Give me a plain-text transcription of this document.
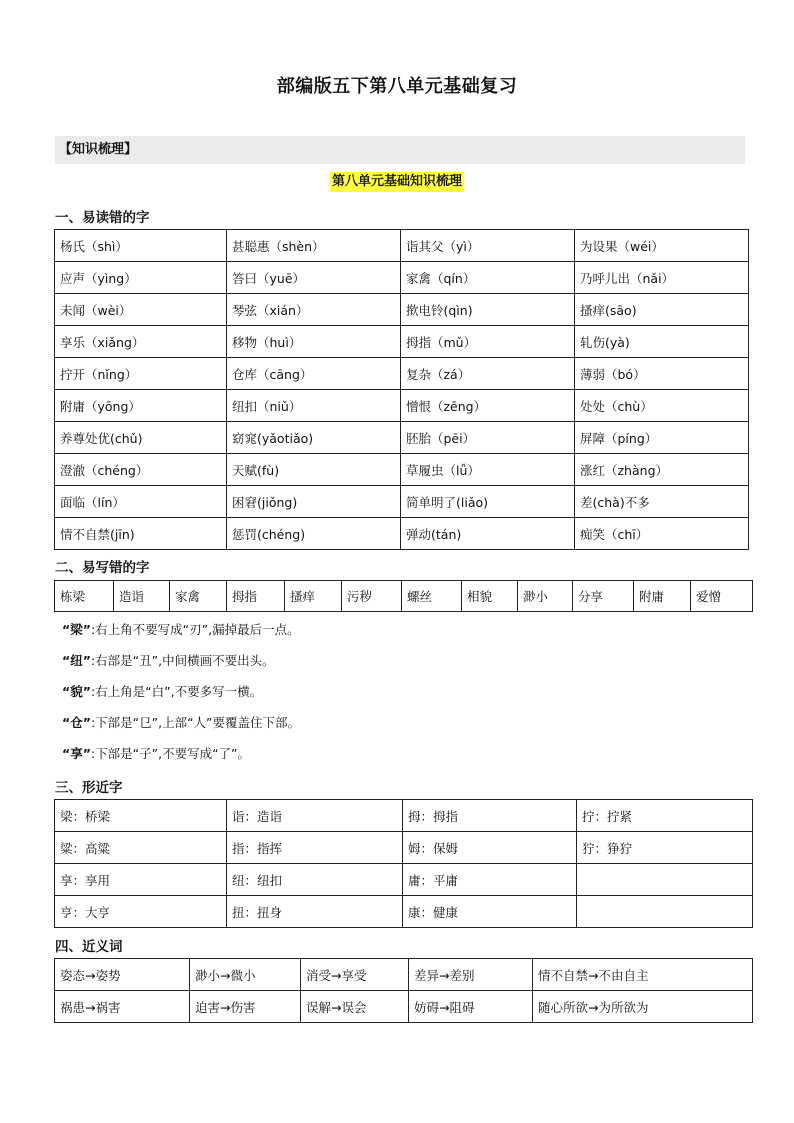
部编版五下第八单元基础复习
【知识梳理】
第八单元基础知识梳理
一、易读错的字
杨氏（shì）	甚聪惠（shèn）	诣其父（yì）	为设果（wéi）
应声（yìng）	答曰（yuē）	家禽（qín）	乃呼儿出（nǎi）
未闻（wèi）	琴弦（xián）	揿电铃(qìn)	搔痒(sāo)
享乐（xiǎng）	移物（huì）	拇指（mǔ）	轧伤(yà)
拧开（nǐng）	仓库（cāng）	复杂（zá）	薄弱（bó）
附庸（yōng）	纽扣（niǔ）	憎恨（zēng）	处处（chù）
养尊处优(chǔ)	窈窕(yǎotiǎo)	胚胎（pēi）	屏障（píng）
澄澈（chéng）	天赋(fù)	草履虫（lǚ）	涨红（zhàng）
面临（lín）	困窘(jiǒng)	简单明了(liǎo)	差(chà)不多
情不自禁(jīn)	惩罚(chéng)	弹动(tán)	痴笑（chī）
二、易写错的字
栋梁	造诣	家禽	拇指	搔痒	污秽	螺丝	相貌	渺小	分享	附庸	爱憎
“梁”:右上角不要写成“刃”,漏掉最后一点。
“纽”:右部是“丑”,中间横画不要出头。
“貌”:右上角是“白”,不要多写一横。
“仓”:下部是“㔾”,上部“人”要覆盖住下部。
“享”:下部是“子”,不要写成“了”。
三、形近字
梁：桥梁	诣：造诣	拇：拇指	拧：拧紧
粱：高粱	指：指挥	姆：保姆	狞：狰狞
享：享用	纽：纽扣	庸：平庸	
亨：大亨	扭：扭身	康：健康	
四、近义词
姿态→姿势	渺小→微小	消受→享受	差异→差别	情不自禁→不由自主
祸患→祸害	迫害→伤害	误解→误会	妨碍→阻碍	随心所欲→为所欲为
